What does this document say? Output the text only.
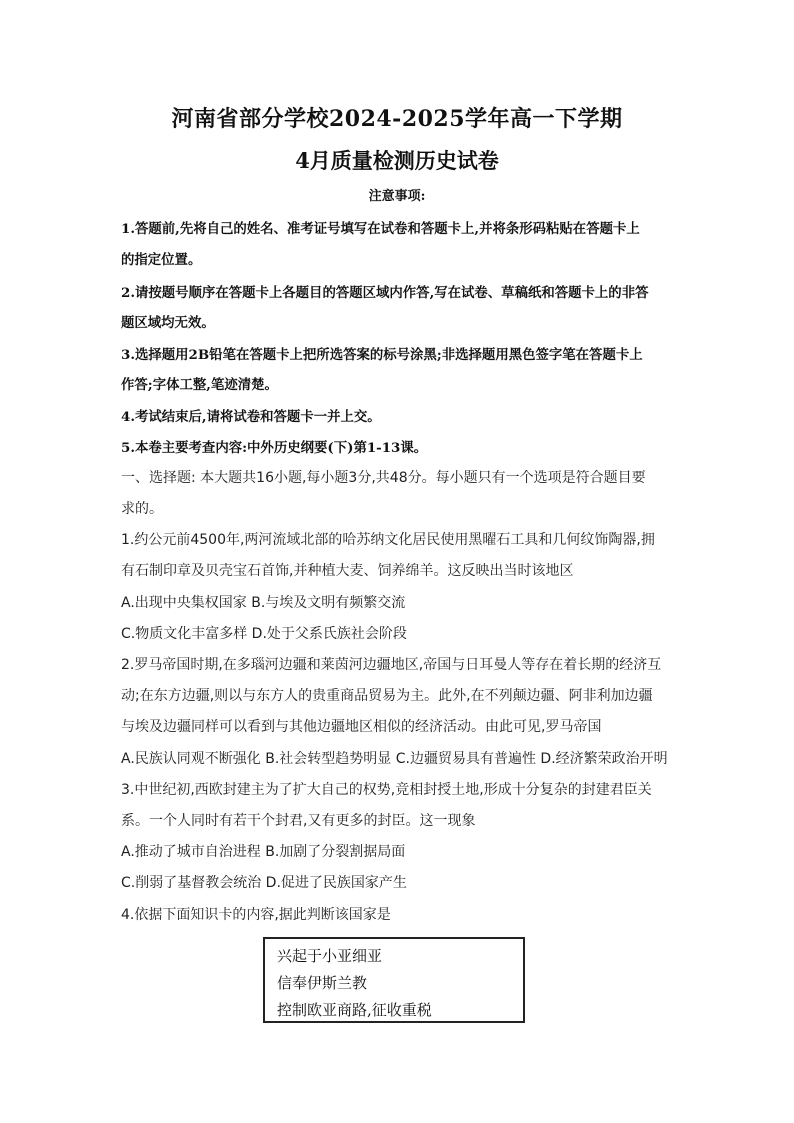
河南省部分学校2024-2025学年高一下学期
4月质量检测历史试卷
注意事项:
1.答题前,先将自己的姓名、准考证号填写在试卷和答题卡上,并将条形码粘贴在答题卡上
的指定位置。
2.请按题号顺序在答题卡上各题目的答题区域内作答,写在试卷、草稿纸和答题卡上的非答
题区域均无效。
3.选择题用2B铅笔在答题卡上把所选答案的标号涂黑;非选择题用黑色签字笔在答题卡上
作答;字体工整,笔迹清楚。
4.考试结束后,请将试卷和答题卡一并上交。
5.本卷主要考查内容:中外历史纲要(下)第1-13课。
一、选择题: 本大题共16小题,每小题3分,共48分。每小题只有一个选项是符合题目要
求的。
1.约公元前4500年,两河流域北部的哈苏纳文化居民使用黑曜石工具和几何纹饰陶器,拥
有石制印章及贝壳宝石首饰,并种植大麦、饲养绵羊。这反映出当时该地区
A.出现中央集权国家 B.与埃及文明有频繁交流
C.物质文化丰富多样 D.处于父系氏族社会阶段
2.罗马帝国时期,在多瑙河边疆和莱茵河边疆地区,帝国与日耳曼人等存在着长期的经济互
动;在东方边疆,则以与东方人的贵重商品贸易为主。此外,在不列颠边疆、阿非利加边疆
与埃及边疆同样可以看到与其他边疆地区相似的经济活动。由此可见,罗马帝国
A.民族认同观不断强化 B.社会转型趋势明显 C.边疆贸易具有普遍性 D.经济繁荣政治开明
3.中世纪初,西欧封建主为了扩大自己的权势,竞相封授土地,形成十分复杂的封建君臣关
系。一个人同时有若干个封君,又有更多的封臣。这一现象
A.推动了城市自治进程 B.加剧了分裂割据局面
C.削弱了基督教会统治 D.促进了民族国家产生
4.依据下面知识卡的内容,据此判断该国家是
兴起于小亚细亚
信奉伊斯兰教
控制欧亚商路,征收重税
